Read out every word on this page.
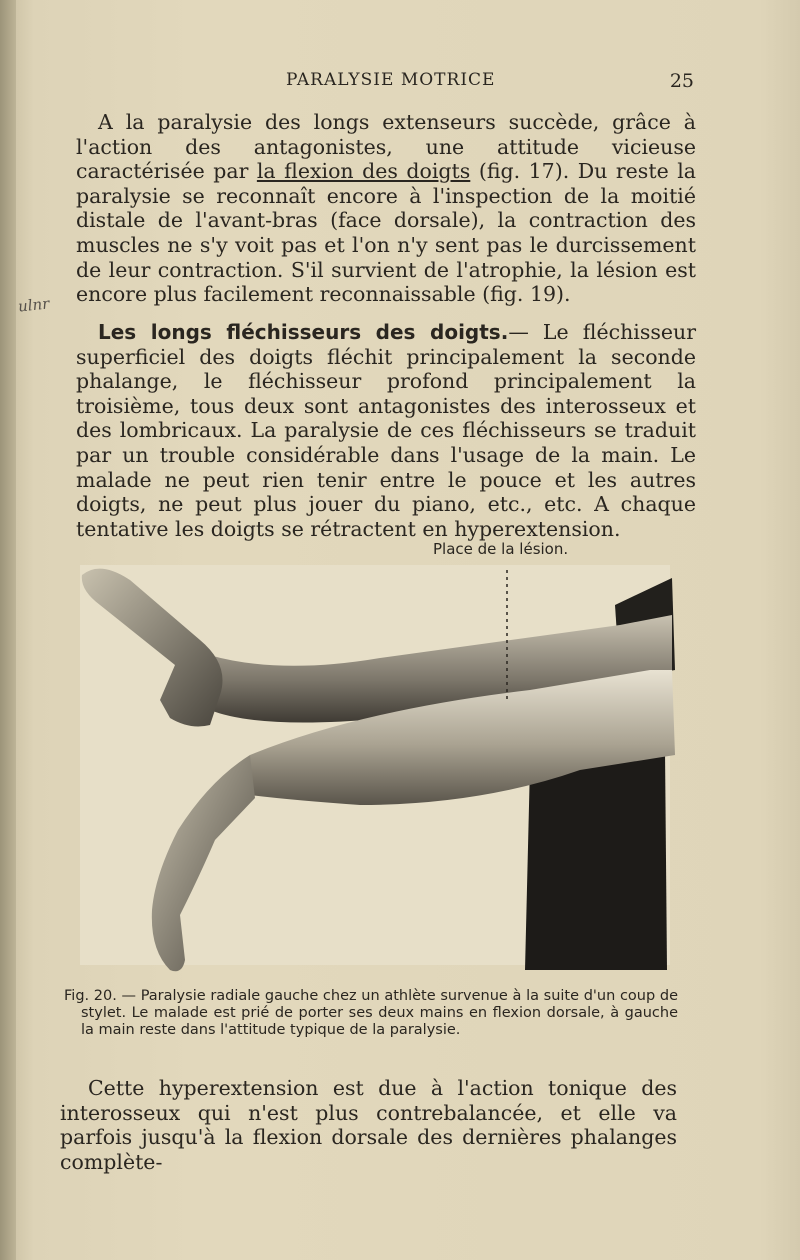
PARALYSIE MOTRICE	25
A la paralysie des longs extenseurs succède, grâce à l'action des antagonistes, une attitude vicieuse caractérisée par la flexion des doigts (fig. 17). Du reste la paralysie se reconnaît encore à l'inspection de la moitié distale de l'avant-bras (face dorsale), la contraction des muscles ne s'y voit pas et l'on n'y sent pas le durcissement de leur contraction. S'il survient de l'atrophie, la lésion est encore plus facilement reconnaissable (fig. 19).
ulnr
Les longs fléchisseurs des doigts.— Le fléchisseur superficiel des doigts fléchit principalement la seconde phalange, le fléchisseur profond principalement la troisième, tous deux sont antagonistes des interosseux et des lombricaux. La paralysie de ces fléchisseurs se traduit par un trouble considérable dans l'usage de la main. Le malade ne peut rien tenir entre le pouce et les autres doigts, ne peut plus jouer du piano, etc., etc. A chaque tentative les doigts se rétractent en hyperextension.
Place de la lésion.
Fig. 20. — Paralysie radiale gauche chez un athlète survenue à la suite d'un coup de stylet. Le malade est prié de porter ses deux mains en flexion dorsale, à gauche la main reste dans l'attitude typique de la paralysie.
Cette hyperextension est due à l'action tonique des interosseux qui n'est plus contrebalancée, et elle va parfois jusqu'à la flexion dorsale des dernières phalanges complète-
